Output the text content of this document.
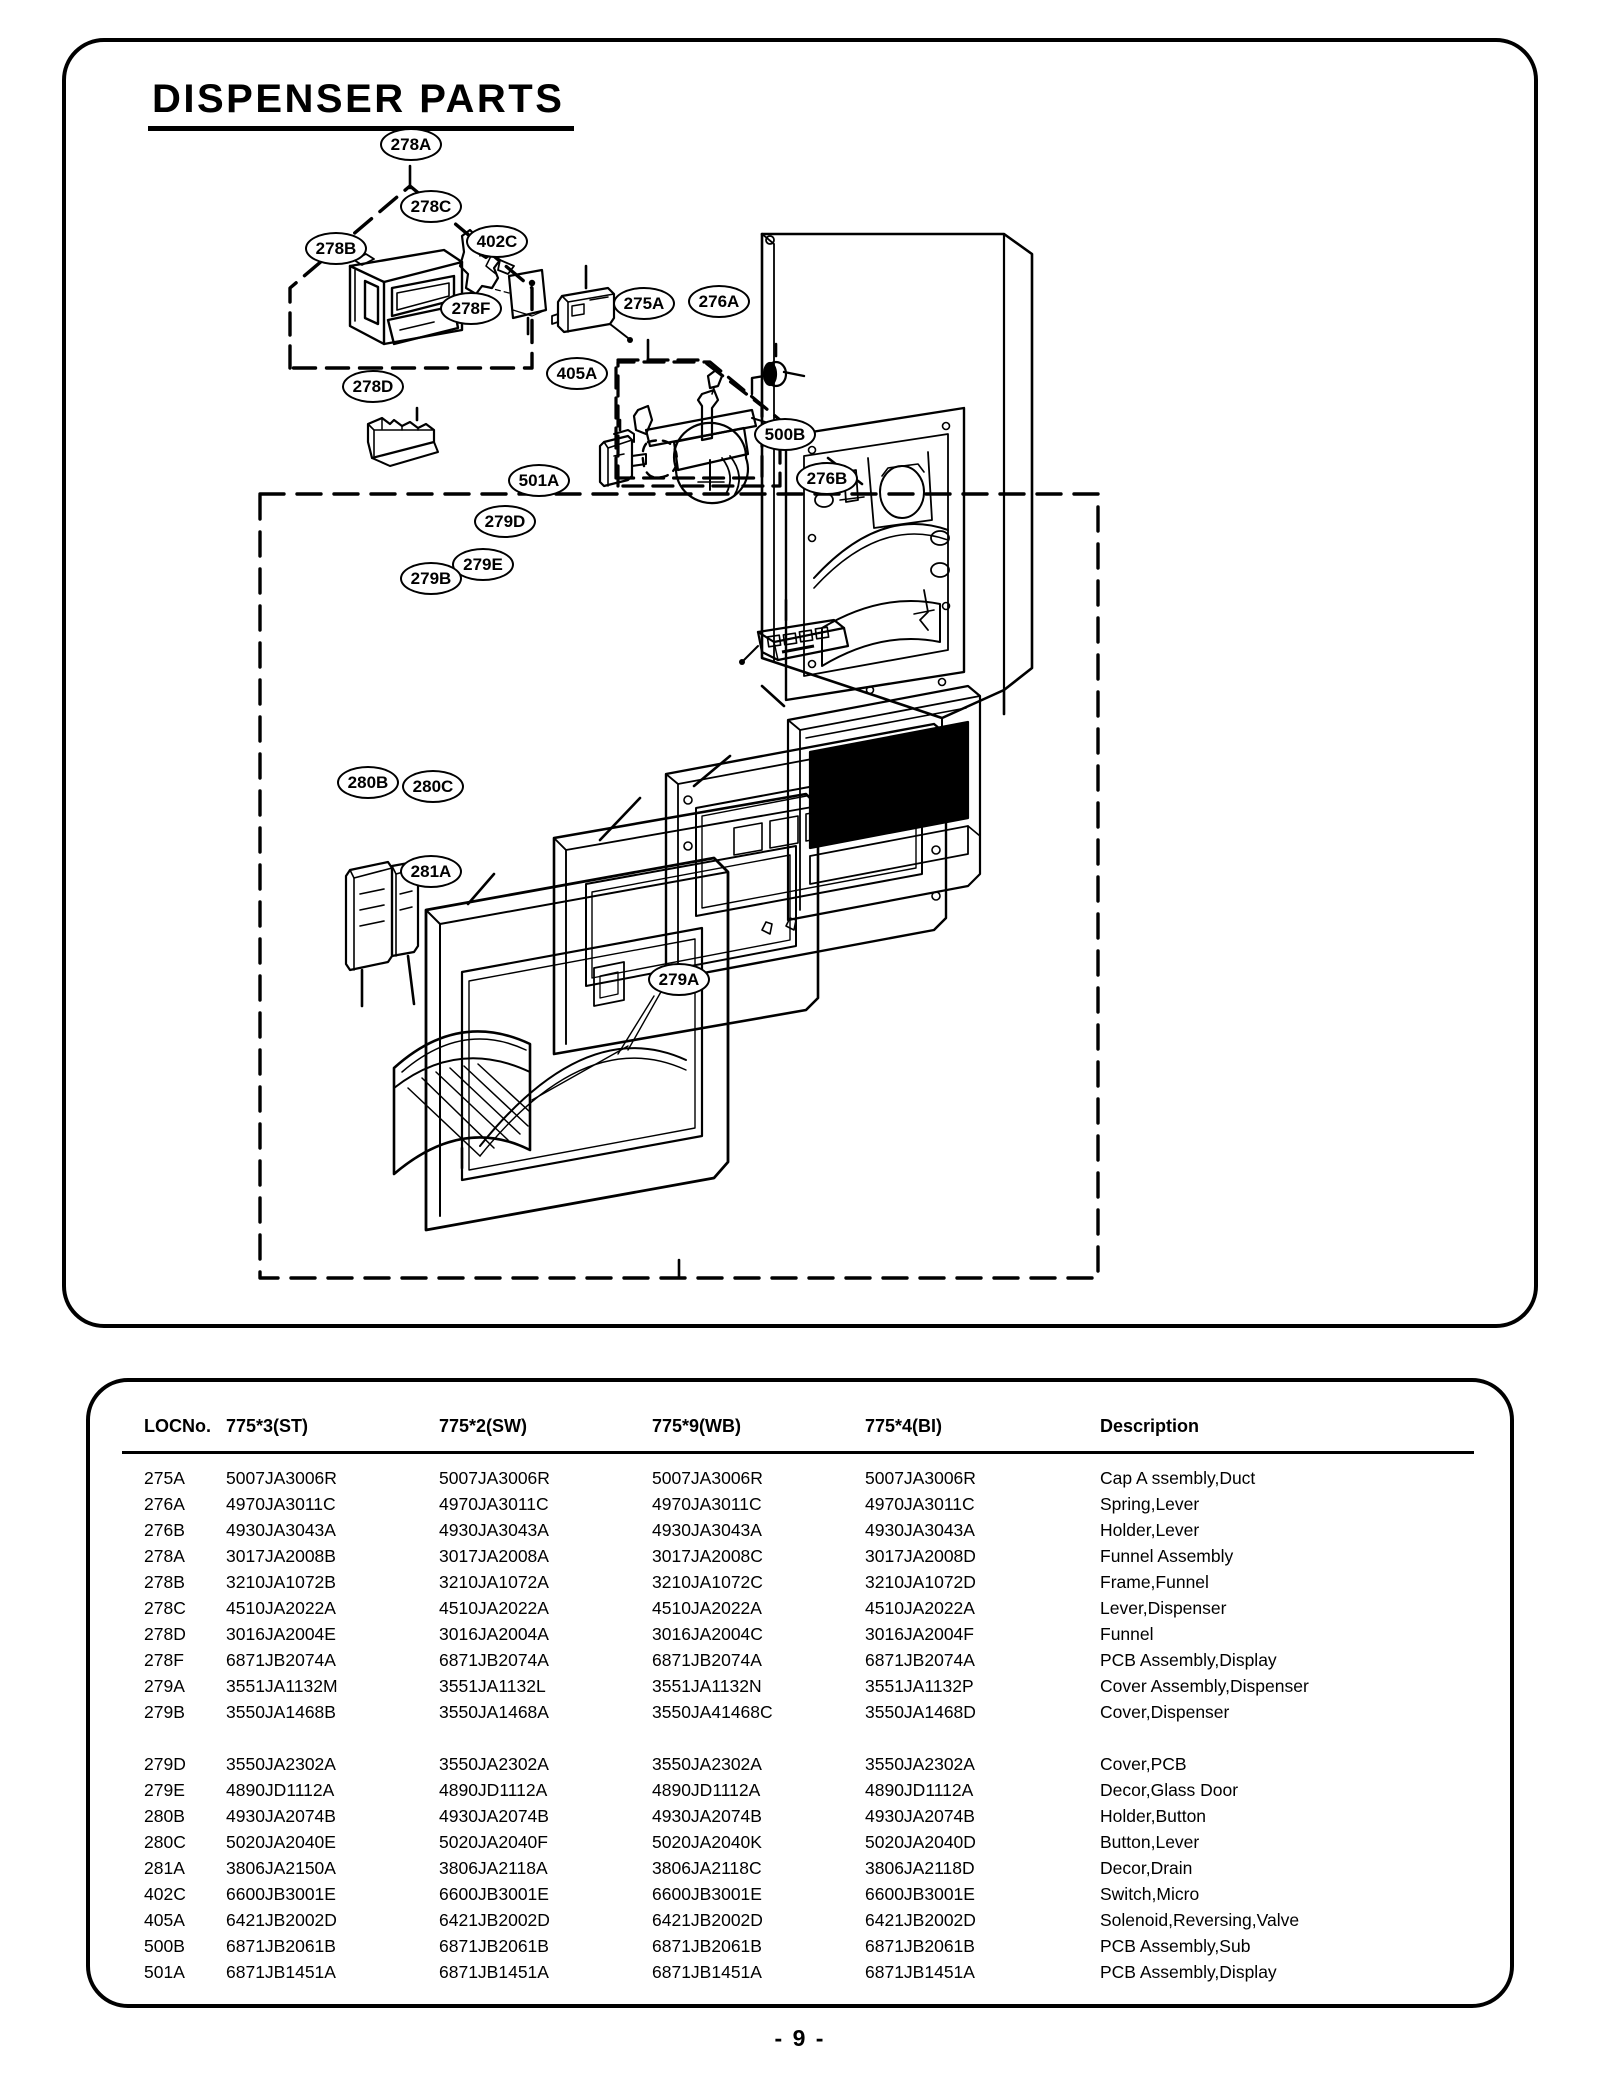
DISPENSER PARTS
278A
278C
278B	402C
278F
278D
405A
275A 276A
500B
276B
501A
279D
279E
279B
280B 280C
281A
279A
LOCNo.	775*3(ST)	775*2(SW)	775*9(WB)	775*4(BI)	Description
275A	5007JA3006R	5007JA3006R	5007JA3006R	5007JA3006R	Cap A ssembly,Duct
276A	4970JA3011C	4970JA3011C	4970JA3011C	4970JA3011C	Spring,Lever
276B	4930JA3043A	4930JA3043A	4930JA3043A	4930JA3043A	Holder,Lever
278A	3017JA2008B	3017JA2008A	3017JA2008C	3017JA2008D	Funnel Assembly
278B	3210JA1072B	3210JA1072A	3210JA1072C	3210JA1072D	Frame,Funnel
278C	4510JA2022A	4510JA2022A	4510JA2022A	4510JA2022A	Lever,Dispenser
278D	3016JA2004E	3016JA2004A	3016JA2004C	3016JA2004F	Funnel
278F	6871JB2074A	6871JB2074A	6871JB2074A	6871JB2074A	PCB Assembly,Display
279A	3551JA1132M	3551JA1132L	3551JA1132N	3551JA1132P	Cover Assembly,Dispenser
279B	3550JA1468B	3550JA1468A	3550JA41468C	3550JA1468D	Cover,Dispenser

279D	3550JA2302A	3550JA2302A	3550JA2302A	3550JA2302A	Cover,PCB
279E	4890JD1112A	4890JD1112A	4890JD1112A	4890JD1112A	Decor,Glass Door
280B	4930JA2074B	4930JA2074B	4930JA2074B	4930JA2074B	Holder,Button
280C	5020JA2040E	5020JA2040F	5020JA2040K	5020JA2040D	Button,Lever
281A	3806JA2150A	3806JA2118A	3806JA2118C	3806JA2118D	Decor,Drain
402C	6600JB3001E	6600JB3001E	6600JB3001E	6600JB3001E	Switch,Micro
405A	6421JB2002D	6421JB2002D	6421JB2002D	6421JB2002D	Solenoid,Reversing,Valve
500B	6871JB2061B	6871JB2061B	6871JB2061B	6871JB2061B	PCB Assembly,Sub
501A	6871JB1451A	6871JB1451A	6871JB1451A	6871JB1451A	PCB Assembly,Display
- 9 -
